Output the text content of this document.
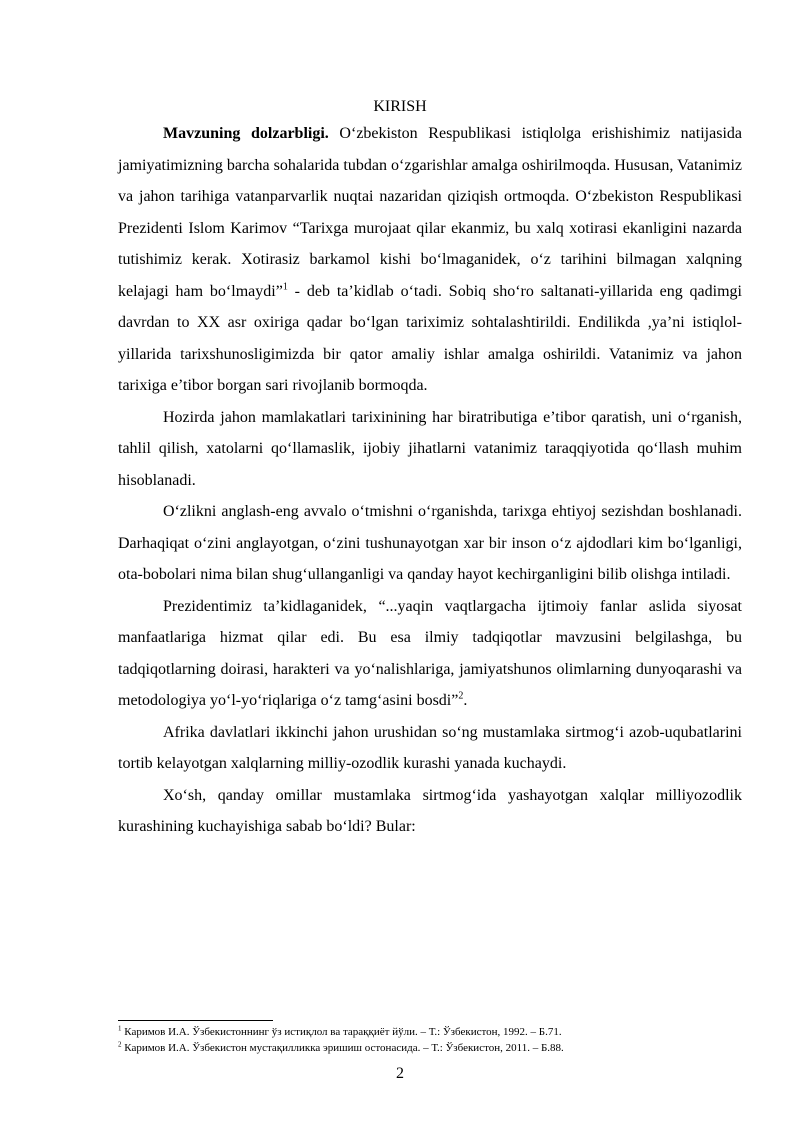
KIRISH

Mavzuning dolzarbligi. O‘zbekiston Respublikasi istiqlolga erishishimiz natijasida jamiyatimizning barcha sohalarida tubdan o‘zgarishlar amalga oshirilmoqda. Hususan, Vatanimiz va jahon tarihiga vatanparvarlik nuqtai nazaridan qiziqish ortmoqda. O‘zbekiston Respublikasi Prezidenti Islom Karimov “Tarixga murojaat qilar ekanmiz, bu xalq xotirasi ekanligini nazarda tutishimiz kerak. Xotirasiz barkamol kishi bo‘lmaganidek, o‘z tarihini bilmagan xalqning kelajagi ham bo‘lmaydi”$^1$ - deb ta’kidlab o‘tadi. Sobiq sho‘ro saltanati-yillarida eng qadimgi davrdan to XX asr oxiriga qadar bo‘lgan tariximiz sohtalashtirildi. Endilikda ,ya’ni istiqlol-yillarida tarixshunosligimizda bir qator amaliy ishlar amalga oshirildi. Vatanimiz va jahon tarixiga e’tibor borgan sari rivojlanib bormoqda.

Hozirda jahon mamlakatlari tarixinining har biratributiga e’tibor qaratish, uni o‘rganish, tahlil qilish, xatolarni qo‘llamaslik, ijobiy jihatlarni vatanimiz taraqqiyotida qo‘llash muhim hisoblanadi.

O‘zlikni anglash-eng avvalo o‘tmishni o‘rganishda, tarixga ehtiyoj sezishdan boshlanadi. Darhaqiqat o‘zini anglayotgan, o‘zini tushunayotgan xar bir inson o‘z ajdodlari kim bo‘lganligi, ota-bobolari nima bilan shug‘ullanganligi va qanday hayot kechirganligini bilib olishga intiladi.

Prezidentimiz ta’kidlaganidek, “...yaqin vaqtlargacha ijtimoiy fanlar aslida siyosat manfaatlariga hizmat qilar edi. Bu esa ilmiy tadqiqotlar mavzusini belgilashga, bu tadqiqotlarning doirasi, harakteri va yo‘nalishlariga, jamiyatshunos olimlarning dunyoqarashi va metodologiya yo‘l-yo‘riqlariga o‘z tamg‘asini bosdi”$^2$.

Afrika davlatlari ikkinchi jahon urushidan so‘ng mustamlaka sirtmog‘i azob-uqubatlarini tortib kelayotgan xalqlarning milliy-ozodlik kurashi yanada kuchaydi.

Xo‘sh, qanday omillar mustamlaka sirtmog‘ida yashayotgan xalqlar milliyozodlik kurashining kuchayishiga sabab bo‘ldi? Bular:

$^1$ Каримов И.А. Ўзбекистоннинг ўз истиқлол ва тараққиёт йўли. – Т.: Ўзбекистон, 1992. – Б.71.
$^2$ Каримов И.А. Ўзбекистон мустақилликка эришиш остонасида. – Т.: Ўзбекистон, 2011. – Б.88.
2
